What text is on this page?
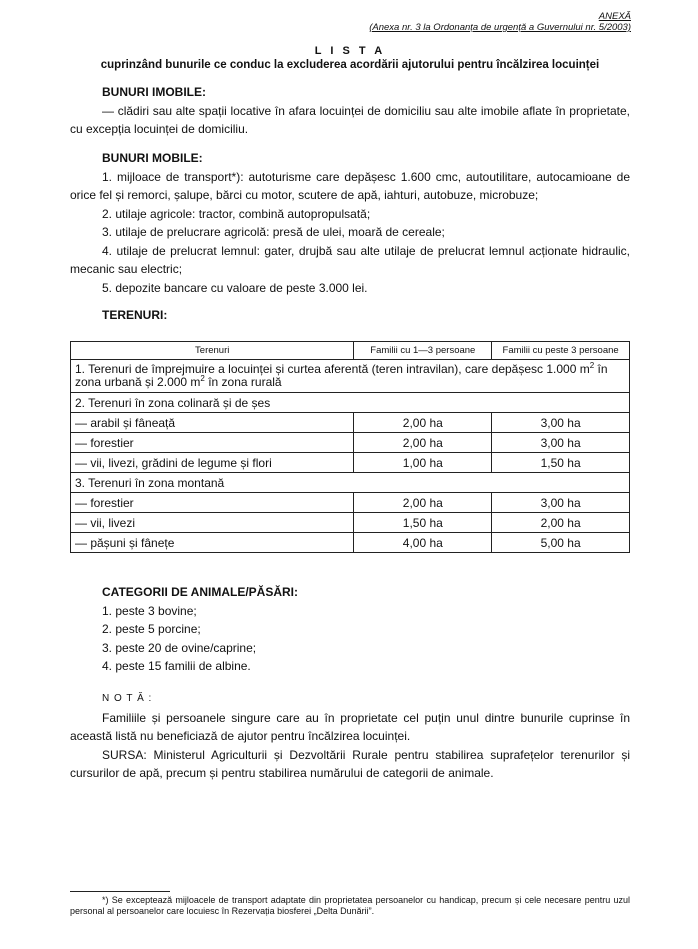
ANEXĂ
(Anexa nr. 3 la Ordonanța de urgență a Guvernului nr. 5/2003)
L I S T A
cuprinzând bunurile ce conduc la excluderea acordării ajutorului pentru încălzirea locuinței

BUNURI IMOBILE:

— clădiri sau alte spații locative în afara locuinței de domiciliu sau alte imobile aflate în proprietate, cu excepția locuinței de domiciliu.

BUNURI MOBILE:

1. mijloace de transport*): autoturisme care depășesc 1.600 cmc, autoutilitare, autocamioane de orice fel și remorci, șalupe, bărci cu motor, scutere de apă, iahturi, autobuze, microbuze;

2. utilaje agricole: tractor, combină autopropulsată;

3. utilaje de prelucrare agricolă: presă de ulei, moară de cereale;

4. utilaje de prelucrat lemnul: gater, drujbă sau alte utilaje de prelucrat lemnul acționate hidraulic, mecanic sau electric;

5. depozite bancare cu valoare de peste 3.000 lei.

TERENURI:

Terenuri	Familii cu 1—3 persoane	Familii cu peste 3 persoane
1. Terenuri de împrejmuire a locuinței și curtea aferentă (teren intravilan), care depășesc 1.000 $m^2$ în zona urbană și 2.000 $m^2$ în zona rurală		
2. Terenuri în zona colinară și de șes		
— arabil și fâneață	2,00 ha	3,00 ha
— forestier	2,00 ha	3,00 ha
— vii, livezi, grădini de legume și flori	1,00 ha	1,50 ha
3. Terenuri în zona montană		
— forestier	2,00 ha	3,00 ha
— vii, livezi	1,50 ha	2,00 ha
— pășuni și fânețe	4,00 ha	5,00 ha

CATEGORII DE ANIMALE/PĂSĂRI:

1. peste 3 bovine;

2. peste 5 porcine;

3. peste 20 de ovine/caprine;

4. peste 15 familii de albine.

N O T Ă :

Familiile și persoanele singure care au în proprietate cel puțin unul dintre bunurile cuprinse în această listă nu beneficiază de ajutor pentru încălzirea locuinței.

SURSA: Ministerul Agriculturii și Dezvoltării Rurale pentru stabilirea suprafețelor terenurilor și cursurilor de apă, precum și pentru stabilirea numărului de categorii de animale.

*) Se exceptează mijloacele de transport adaptate din proprietatea persoanelor cu handicap, precum și cele necesare pentru uzul personal al persoanelor care locuiesc în Rezervația biosferei „Delta Dunării”.
